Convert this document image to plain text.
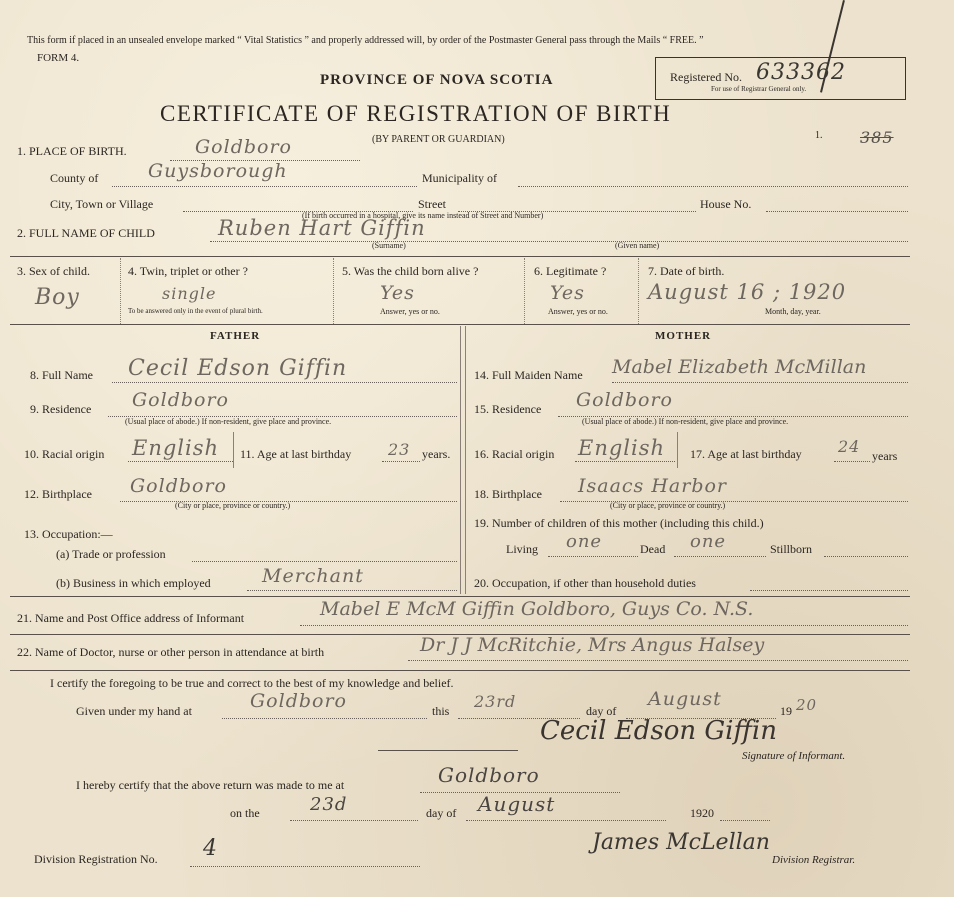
This form if placed in an unsealed envelope marked “ Vital Statistics ” and properly addressed will, by order of the Postmaster General pass through the Mails “ FREE. ”
FORM 4.
PROVINCE OF NOVA SCOTIA
CERTIFICATE OF REGISTRATION OF BIRTH
(BY PARENT OR GUARDIAN)
Registered No. 633362
For use of Registrar General only.
1. 385
1. PLACE OF BIRTH.	Goldboro
County of	Guysborough	Municipality of
City, Town or Village	Street	House No.
(If birth occurred in a hospital, give its name instead of Street and Number)
2. FULL NAME OF CHILD	Ruben Hart Giffin
(Surname)	(Given name)
3. Sex of child.
Boy
4. Twin, triplet or other ?
single
To be answered only in the event of plural birth.
5. Was the child born alive ?
Yes
Answer, yes or no.
6. Legitimate ?
Yes
Answer, yes or no.
7. Date of birth.
August 16 ; 1920
Month, day, year.
FATHER	MOTHER
8. Full Name Cecil Edson Giffin
9. Residence Goldboro
(Usual place of abode.) If non-resident, give place and province.
10. Racial origin English 11. Age at last birthday 23 years.
12. Birthplace Goldboro
(City or place, province or country.)
13. Occupation:—
(a) Trade or profession
(b) Business in which employed	Merchant
14. Full Maiden Name Mabel Elizabeth McMillan
15. Residence Goldboro
(Usual place of abode.) If non-resident, give place and province.
16. Racial origin English 17. Age at last birthday 24 years
18. Birthplace Isaacs Harbor
(City or place, province or country.)
19. Number of children of this mother (including this child.)
Living one	Dead one	Stillborn
20. Occupation, if other than household duties
21. Name and Post Office address of Informant	Mabel E McM Giffin Goldboro, Guys Co. N.S.
22. Name of Doctor, nurse or other person in attendance at birth	Dr J J McRitchie, Mrs Angus Halsey
I certify the foregoing to be true and correct to the best of my knowledge and belief.
Given under my hand at	Goldboro	this 23rd	day of
August
19 20
Cecil Edson Giffin
Signature of Informant.
I hereby certify that the above return was made to me at	Goldboro
on the	23d	day of August	1920
Division Registration No. 4	James McLellan
Division Registrar.
